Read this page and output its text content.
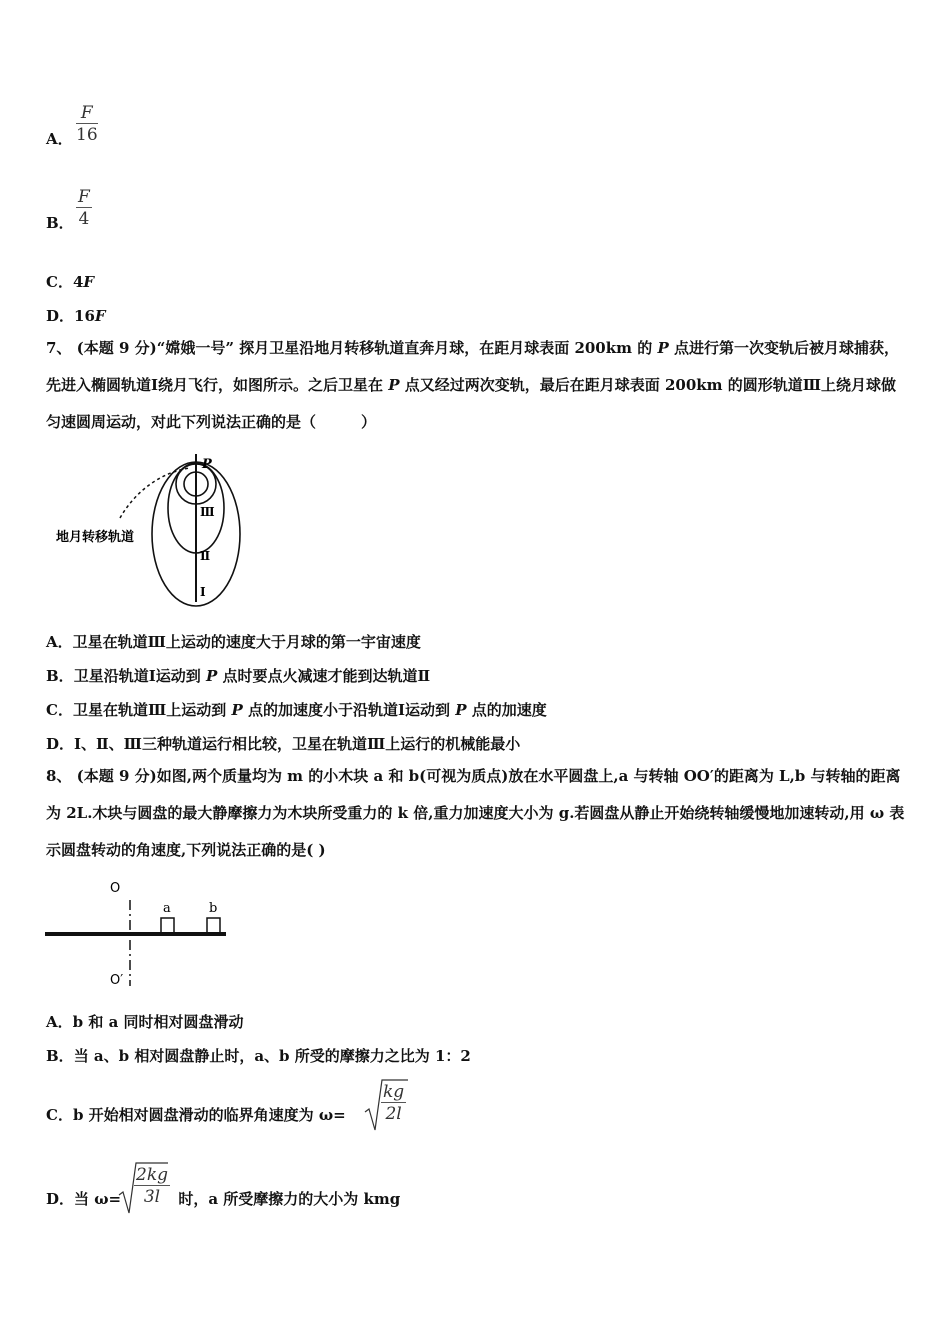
A．
F
16
B．
F
4
C．4F
D．16F
7、 (本题 9 分)“嫦娥一号” 探月卫星沿地月转移轨道直奔月球，在距月球表面 200km 的 P 点进行第一次变轨后被月球捕获，先进入椭圆轨道Ⅰ绕月飞行，如图所示。之后卫星在 P 点又经过两次变轨，最后在距月球表面 200km 的圆形轨道Ⅲ上绕月球做匀速圆周运动，对此下列说法正确的是（　　　）
P
Ⅲ
Ⅱ
Ⅰ
地月转移轨道
A．卫星在轨道Ⅲ上运动的速度大于月球的第一宇宙速度
B．卫星沿轨道Ⅰ运动到 P 点时要点火减速才能到达轨道Ⅱ
C．卫星在轨道Ⅲ上运动到 P 点的加速度小于沿轨道Ⅰ运动到 P 点的加速度
D．Ⅰ、Ⅱ、Ⅲ三种轨道运行相比较，卫星在轨道Ⅲ上运行的机械能最小
8、 (本题 9 分)如图,两个质量均为 m 的小木块 a 和 b(可视为质点)放在水平圆盘上,a 与转轴 OO′的距离为 L,b 与转轴的距离为 2L.木块与圆盘的最大静摩擦力为木块所受重力的 k 倍,重力加速度大小为 g.若圆盘从静止开始绕转轴缓慢地加速转动,用 ω 表示圆盘转动的角速度,下列说法正确的是( )
O
O′
a	b
A．b 和 a 同时相对圆盘滑动
B．当 a、b 相对圆盘静止时，a、b 所受的摩擦力之比为 1：2
C．b 开始相对圆盘滑动的临界角速度为 ω=
kg
2l
D．当 ω=	时，a 所受摩擦力的大小为 kmg
2kg
3l
